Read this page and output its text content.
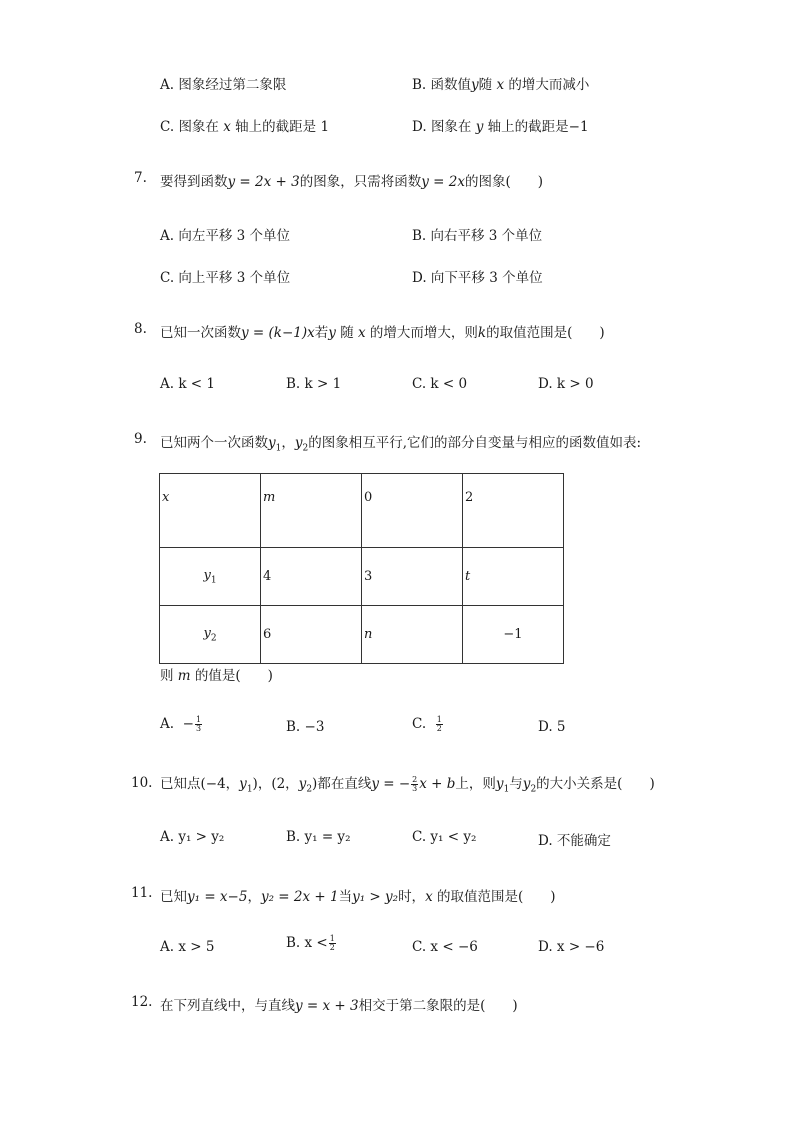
A. 图象经过第二象限	B. 函数值y随 x 的增大而减小
C. 图象在 x 轴上的截距是 1	D. 图象在 y 轴上的截距是−1
7. 要得到函数y = 2x + 3的图象，只需将函数y = 2x的图象(　　)
A. 向左平移 3 个单位	B. 向右平移 3 个单位
C. 向上平移 3 个单位	D. 向下平移 3 个单位
8. 已知一次函数y = (k−1)x若y 随 x 的增大而增大，则k的取值范围是(　　)
A. k < 1	B. k > 1	C. k < 0	D. k > 0
9. 已知两个一次函数$y_1$，$y_2$的图象相互平行,它们的部分自变量与相应的函数值如表:
x	m	0	2
$y_1$	4	3	t
$y_2$	6	n	−1
则 m 的值是(　　)
A. − $\frac{1}{3}$	B. −3	C. $\frac{1}{2}$	D. 5
10. 已知点(−4，$y_1$)，(2，$y_2$)都在直线y = − $\frac{2}{3}$ x + b上，则$y_1$与$y_2$的大小关系是(　　)
A. y₁ > y₂	B. y₁ = y₂	C. y₁ < y₂	D. 不能确定
11. 已知y₁ = x−5，y₂ = 2x + 1当y₁ > y₂时，x 的取值范围是(　　)
A. x > 5	B. $x < \frac{1}{2}$	C. x < −6	D. x > −6
12. 在下列直线中，与直线y = x + 3相交于第二象限的是(　　)
